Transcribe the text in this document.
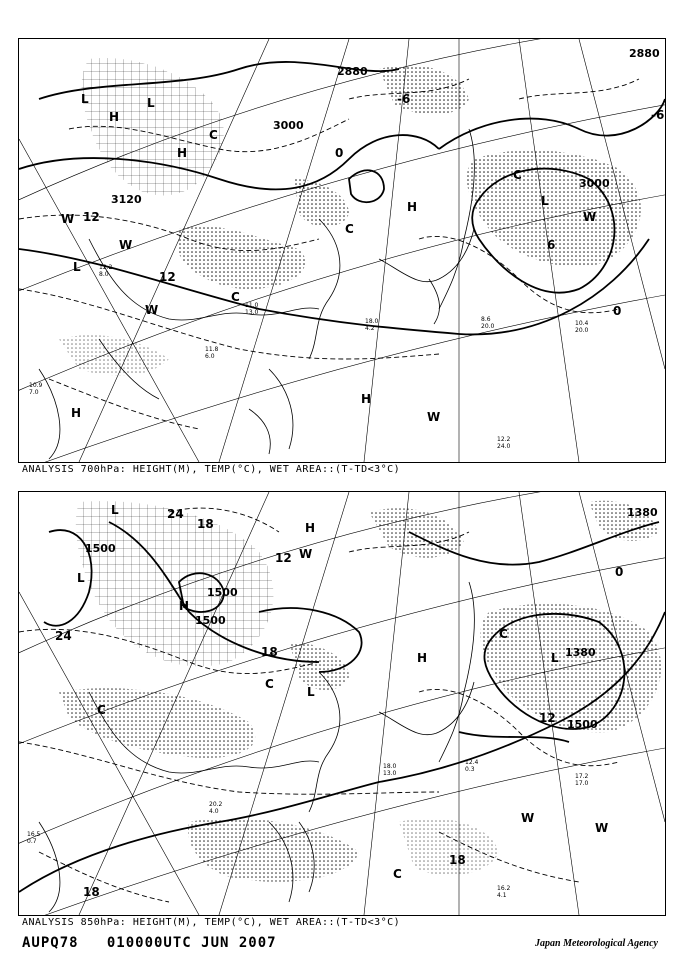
2880
2880
3000
3000
3120
12
12
0
0
-6
6
-6
L	L
L
L
H
H
H
H
H
W
W
W
W
W
C
C
C
C
10.4 20.0
12.2 24.0
8.6 20.0
11.0 13.0
10.9 7.0
18.0 4.2
11.8 6.0
12.2 8.0
ANALYSIS 700hPa: HEIGHT(M), TEMP(°C), WET AREA::(T-TD<3°C)
1500
1500
1500
1380
1380
1500
18
18
24
24
12
18
18
0
12
L
L
L
L
H
H
H
W
W
W
C
C
C
C
17.2 17.0
16.2 4.1
16.5 0.7
20.2 4.0
12.4 0.3
18.0 13.0
ANALYSIS 850hPa: HEIGHT(M), TEMP(°C), WET AREA::(T-TD<3°C)
AUPQ78   010000UTC JUN 2007	Japan Meteorological Agency
